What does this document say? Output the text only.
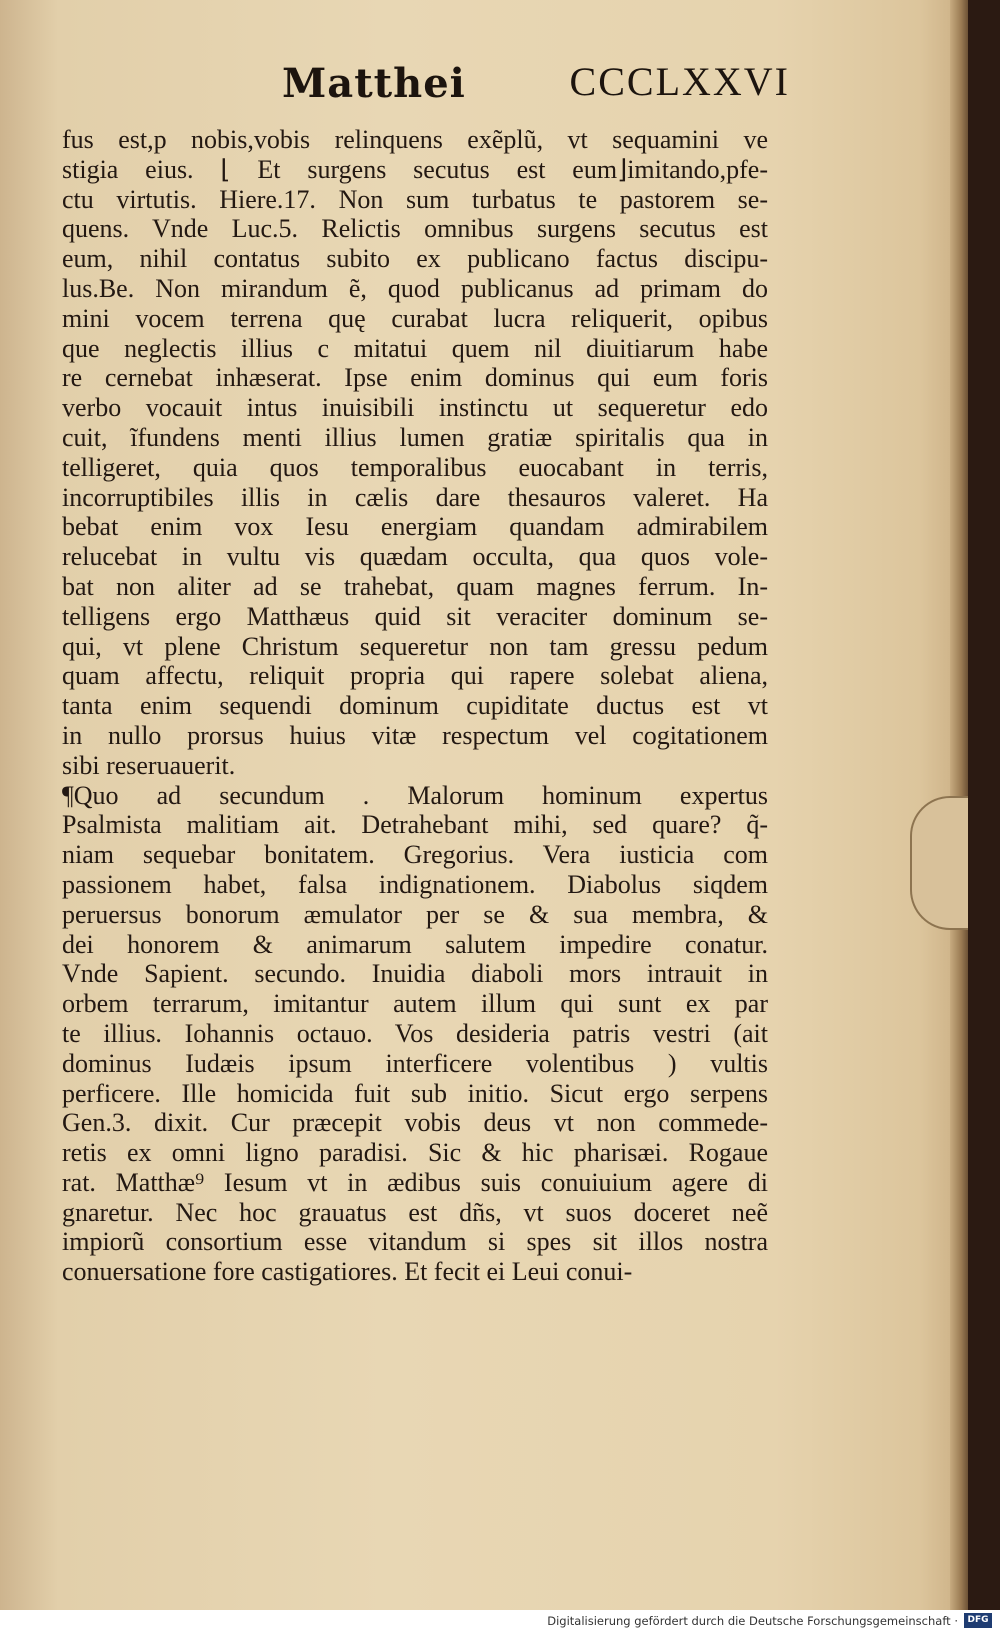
Matthei	CCCLXXVI
fus est,p nobis,vobis relinquens exẽplũ, vt sequamini ve
stigia eius. ⌊ Et surgens secutus est eum⌋imitando,pfe-
ctu virtutis. Hiere.17. Non sum turbatus te pastorem se-
quens. Vnde Luc.5. Relictis omnibus surgens secutus est
eum, nihil contatus subito ex publicano factus discipu-
lus.Be. Non mirandum ẽ, quod publicanus ad primam do
mini vocem terrena quę curabat lucra reliquerit, opibus
que neglectis illius c mitatui quem nil diuitiarum habe
re cernebat inhæserat. Ipse enim dominus qui eum foris
verbo vocauit intus inuisibili instinctu ut sequeretur edo
cuit, ĩfundens menti illius lumen gratiæ spiritalis qua in
telligeret, quia quos temporalibus euocabant in terris,
incorruptibiles illis in cælis dare thesauros valeret. Ha
bebat enim vox Iesu energiam quandam admirabilem
relucebat in vultu vis quædam occulta, qua quos vole-
bat non aliter ad se trahebat, quam magnes ferrum. In-
telligens ergo Matthæus quid sit veraciter dominum se-
qui, vt plene Christum sequeretur non tam gressu pedum
quam affectu, reliquit propria qui rapere solebat aliena,
tanta enim sequendi dominum cupiditate ductus est vt
in nullo prorsus huius vitæ respectum vel cogitationem
sibi reseruauerit.
¶Quo ad secundum . Malorum hominum expertus
Psalmista malitiam ait. Detrahebant mihi, sed quare? q̃-
niam sequebar bonitatem. Gregorius. Vera iusticia com
passionem habet, falsa indignationem. Diabolus siqdem
peruersus bonorum æmulator per se & sua membra, &
dei honorem & animarum salutem impedire conatur.
Vnde Sapient. secundo. Inuidia diaboli mors intrauit in
orbem terrarum, imitantur autem illum qui sunt ex par
te illius. Iohannis octauo. Vos desideria patris vestri (ait
dominus Iudæis ipsum interficere volentibus ) vultis
perficere. Ille homicida fuit sub initio. Sicut ergo serpens
Gen.3. dixit. Cur præcepit vobis deus vt non commede-
retis ex omni ligno paradisi. Sic & hic pharisæi. Rogaue
rat. Matthæ⁹ Iesum vt in ædibus suis conuiuium agere di
gnaretur. Nec hoc grauatus est dñs, vt suos doceret neẽ
impiorũ consortium esse vitandum si spes sit illos nostra
conuersatione fore castigatiores. Et fecit ei Leui conui-
Digitalisierung gefördert durch die Deutsche Forschungsgemeinschaft ·	DFG
